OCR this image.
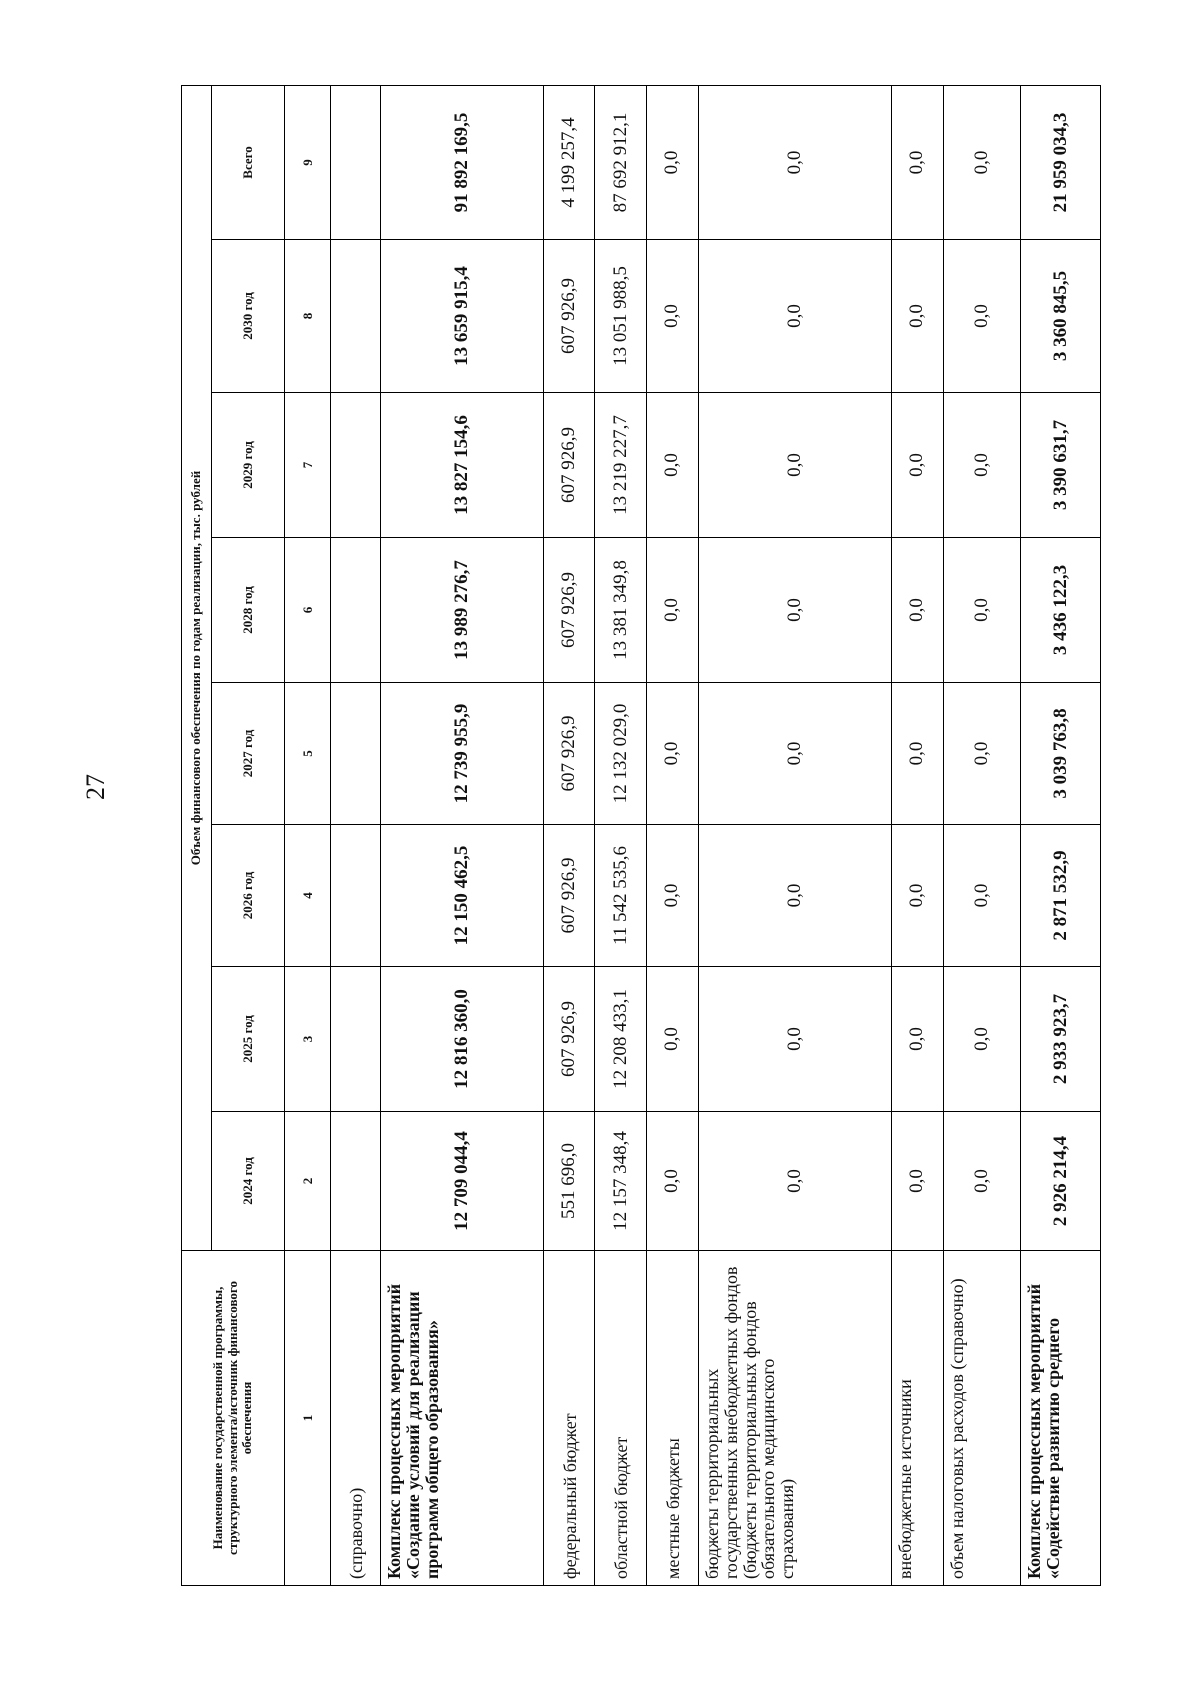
27
Наименование государственной программы, структурного элемента/источник финансового обеспечения	Объем финансового обеспечения по годам реализации, тыс. рублей							
	2024 год	2025 год	2026 год	2027 год	2028 год	2029 год	2030 год	Всего
1	2	3	4	5	6	7	8	9
(справочно)								
Комплекс процессных мероприятий «Создание условий для реализации программ общего образования»	12 709 044,4	12 816 360,0	12 150 462,5	12 739 955,9	13 989 276,7	13 827 154,6	13 659 915,4	91 892 169,5
федеральный бюджет	551 696,0	607 926,9	607 926,9	607 926,9	607 926,9	607 926,9	607 926,9	4 199 257,4
областной бюджет	12 157 348,4	12 208 433,1	11 542 535,6	12 132 029,0	13 381 349,8	13 219 227,7	13 051 988,5	87 692 912,1
местные бюджеты	0,0	0,0	0,0	0,0	0,0	0,0	0,0	0,0
бюджеты территориальных государственных внебюджетных фондов (бюджеты территориальных фондов обязательного медицинского страхования)	0,0	0,0	0,0	0,0	0,0	0,0	0,0	0,0
внебюджетные источники	0,0	0,0	0,0	0,0	0,0	0,0	0,0	0,0
объем налоговых расходов (справочно)	0,0	0,0	0,0	0,0	0,0	0,0	0,0	0,0
Комплекс процессных мероприятий «Содействие развитию среднего	2 926 214,4	2 933 923,7	2 871 532,9	3 039 763,8	3 436 122,3	3 390 631,7	3 360 845,5	21 959 034,3
